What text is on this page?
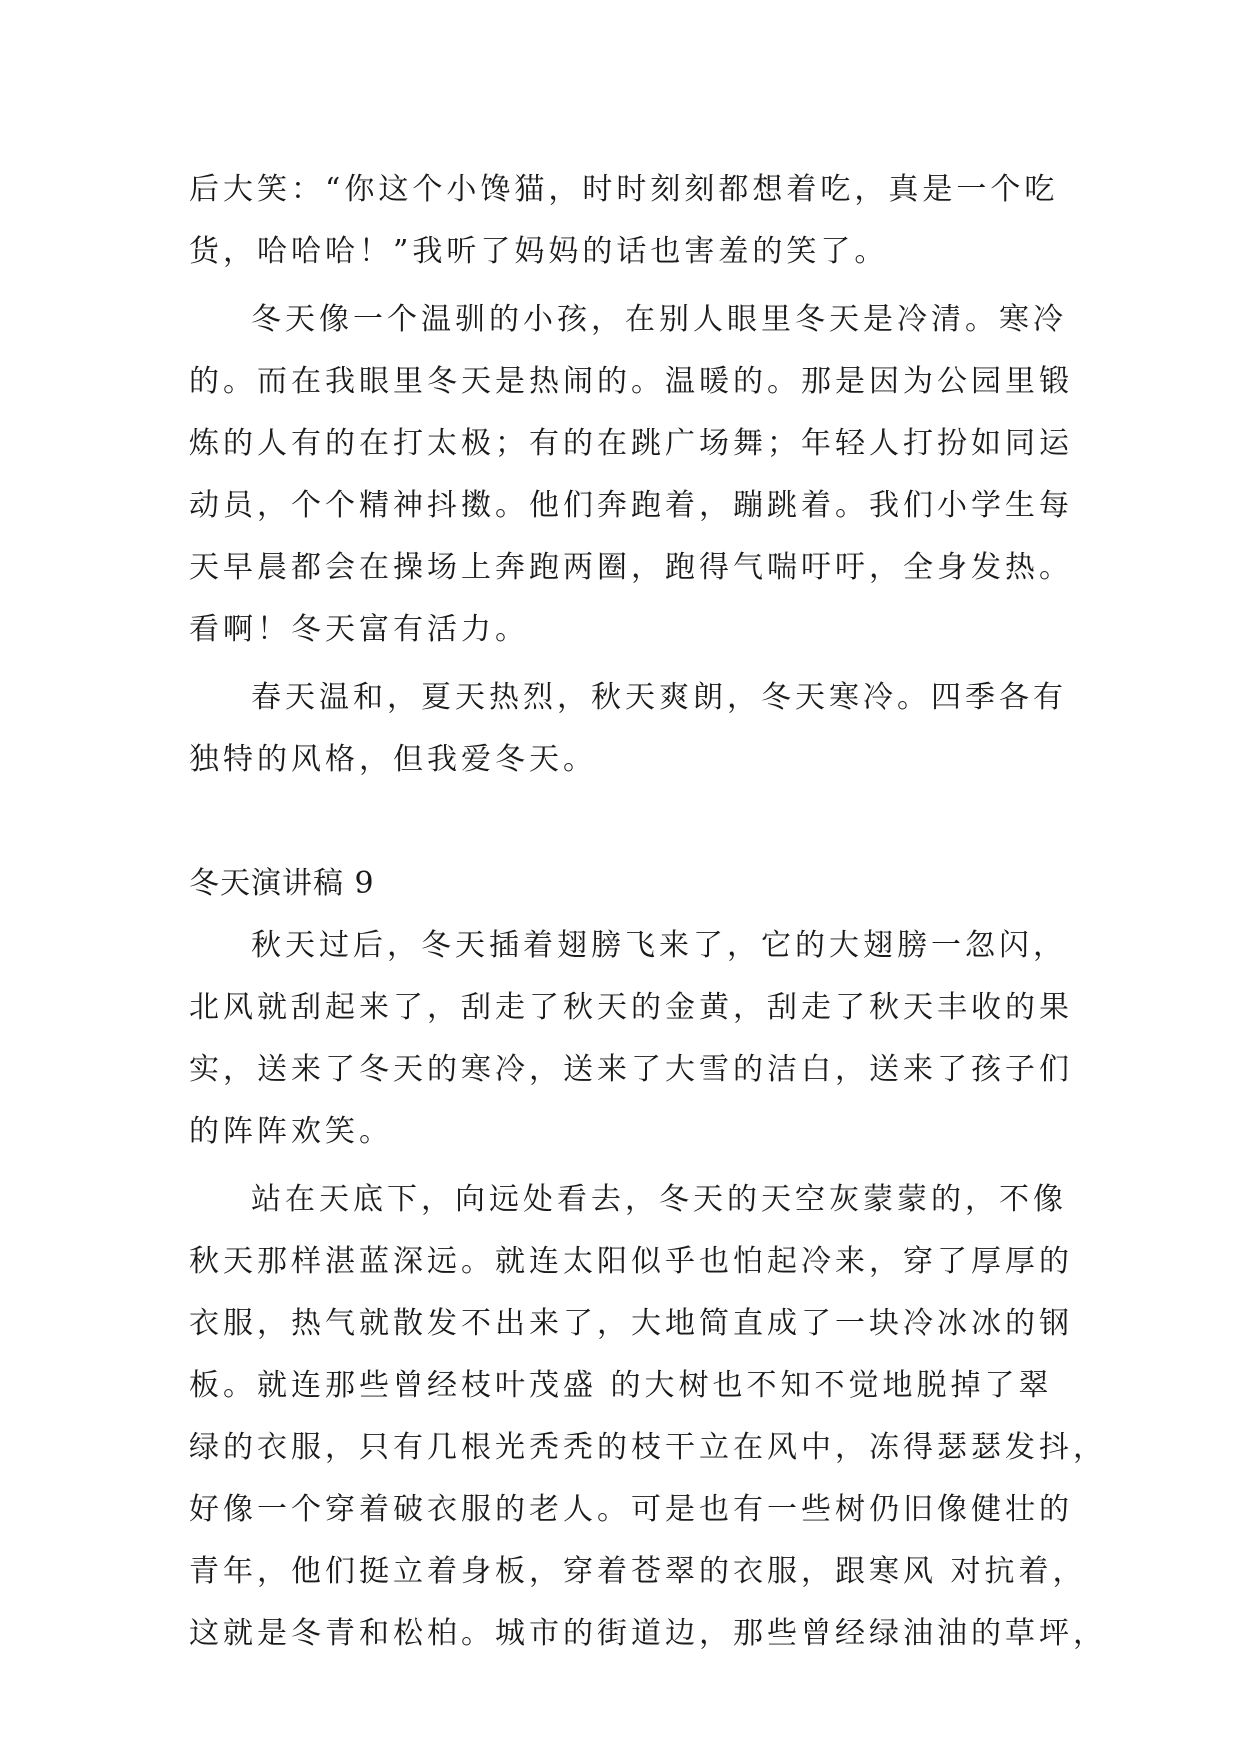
后大笑：“你这个小馋猫，时时刻刻都想着吃，真是一个吃
货，哈哈哈！”我听了妈妈的话也害羞的笑了。
冬天像一个温驯的小孩，在别人眼里冬天是冷清。寒冷
的。而在我眼里冬天是热闹的。温暖的。那是因为公园里锻
炼的人有的在打太极；有的在跳广场舞；年轻人打扮如同运
动员，个个精神抖擞。他们奔跑着，蹦跳着。我们小学生每
天早晨都会在操场上奔跑两圈，跑得气喘吁吁，全身发热。
看啊！冬天富有活力。
春天温和，夏天热烈，秋天爽朗，冬天寒冷。四季各有
独特的风格，但我爱冬天。
冬天演讲稿 9
秋天过后，冬天插着翅膀飞来了，它的大翅膀一忽闪，
北风就刮起来了，刮走了秋天的金黄，刮走了秋天丰收的果
实，送来了冬天的寒冷，送来了大雪的洁白，送来了孩子们
的阵阵欢笑。
站在天底下，向远处看去，冬天的天空灰蒙蒙的，不像
秋天那样湛蓝深远。就连太阳似乎也怕起冷来，穿了厚厚的
衣服，热气就散发不出来了，大地简直成了一块冷冰冰的钢
板。就连那些曾经枝叶茂盛 的大树也不知不觉地脱掉了翠
绿的衣服，只有几根光秃秃的枝干立在风中，冻得瑟瑟发抖，
好像一个穿着破衣服的老人。可是也有一些树仍旧像健壮的
青年，他们挺立着身板，穿着苍翠的衣服，跟寒风 对抗着，
这就是冬青和松柏。城市的街道边，那些曾经绿油油的草坪，
